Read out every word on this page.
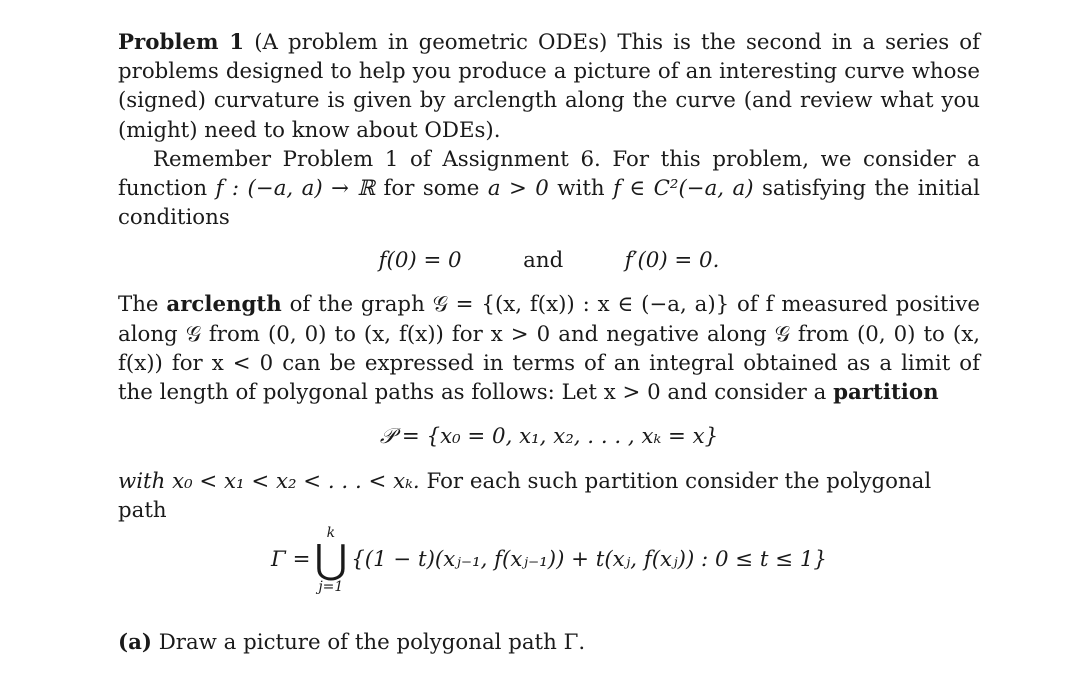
Problem 1 (A problem in geometric ODEs) This is the second in a series of problems designed to help you produce a picture of an interesting curve whose (signed) curvature is given by arclength along the curve (and review what you (might) need to know about ODEs).

Remember Problem 1 of Assignment 6. For this problem, we consider a function f : (−a, a) → ℝ for some a > 0 with f ∈ C²(−a, a) satisfying the initial conditions

f(0) = 0	and	f′(0) = 0.

The arclength of the graph 𝒢 = {(x, f(x)) : x ∈ (−a, a)} of f measured positive along 𝒢 from (0, 0) to (x, f(x)) for x > 0 and negative along 𝒢 from (0, 0) to (x, f(x)) for x < 0 can be expressed in terms of an integral obtained as a limit of the length of polygonal paths as follows: Let x > 0 and consider a partition

𝒫 = {x₀ = 0, x₁, x₂, . . . , xₖ = x}

with x₀ < x₁ < x₂ < . . . < xₖ. For each such partition consider the polygonal path

Γ =
k
⋃
j=1
{(1 − t)(xⱼ₋₁, f(xⱼ₋₁)) + t(xⱼ, f(xⱼ)) : 0 ≤ t ≤ 1}

(a) Draw a picture of the polygonal path Γ.
